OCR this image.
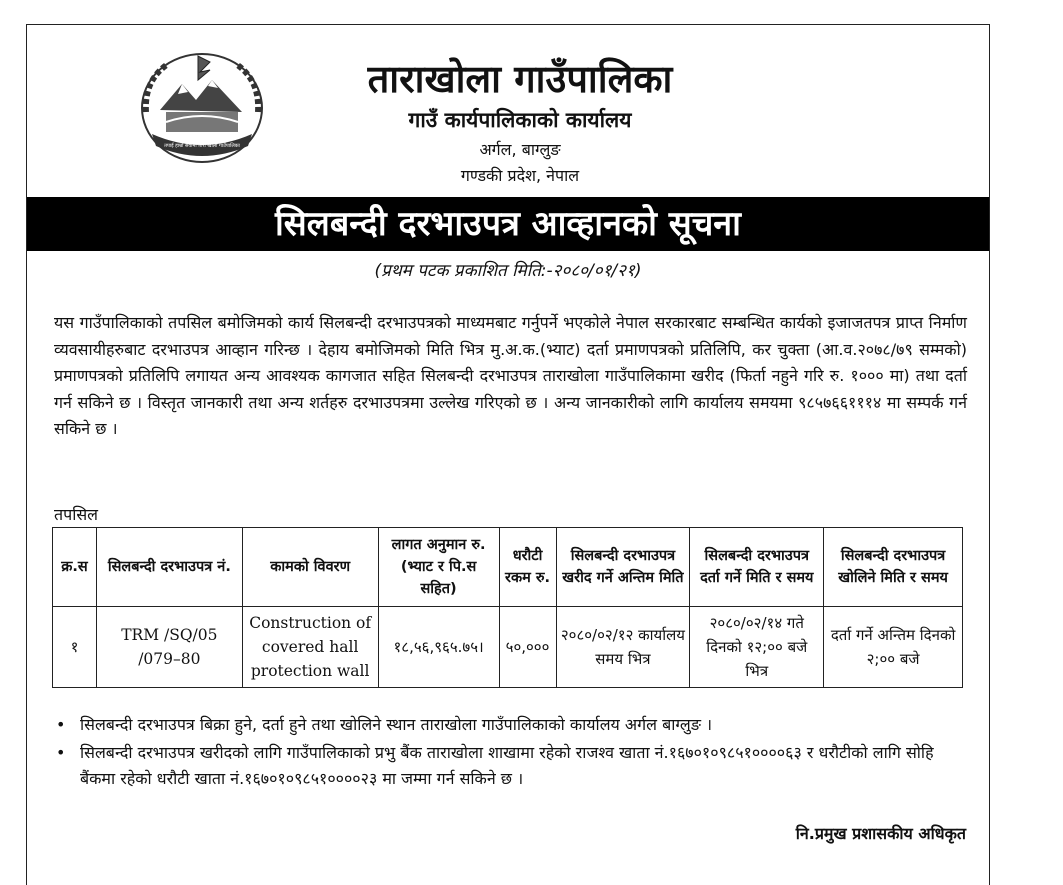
तपाईं हाम्रो सेवामा तारा खोला गाउँपालिका
ताराखोला गाउँपालिका
गाउँ कार्यपालिकाको कार्यालय
अर्गल, बाग्लुङ
गण्डकी प्रदेश, नेपाल
सिलबन्दी दरभाउपत्र आव्हानको सूचना
(प्रथम पटक प्रकाशित मिति:-२०८०/०१/२१)
यस गाउँपालिकाको तपसिल बमोजिमको कार्य सिलबन्दी दरभाउपत्रको माध्यमबाट गर्नुपर्ने भएकोले नेपाल सरकारबाट सम्बन्धित कार्यको इजाजतपत्र प्राप्त निर्माण व्यवसायीहरुबाट दरभाउपत्र आव्हान गरिन्छ । देहाय बमोजिमको मिति भित्र मु.अ.क.(भ्याट) दर्ता प्रमाणपत्रको प्रतिलिपि, कर चुक्ता (आ.व.२०७८/७९ सम्मको) प्रमाणपत्रको प्रतिलिपि लगायत अन्य आवश्यक कागजात सहित सिलबन्दी दरभाउपत्र ताराखोला गाउँपालिकामा खरीद (फिर्ता नहुने गरि रु. १००० मा) तथा दर्ता गर्न सकिने छ । विस्तृत जानकारी तथा अन्य शर्तहरु दरभाउपत्रमा उल्लेख गरिएको छ । अन्य जानकारीको लागि कार्यालय समयमा ९८५७६६१११४ मा सम्पर्क गर्न सकिने छ ।
तपसिल
क्र.स	सिलबन्दी दरभाउपत्र नं.	कामको विवरण	लागत अनुमान रु. (भ्याट र पि.स सहित)	धरौटी रकम रु.	सिलबन्दी दरभाउपत्र खरीद गर्ने अन्तिम मिति	सिलबन्दी दरभाउपत्र दर्ता गर्ने मिति र समय	सिलबन्दी दरभाउपत्र खोलिने मिति र समय
१	TRM /SQ/05 /079–80	Construction of covered hall protection wall	१८,५६,९६५.७५।	५०,०००	२०८०/०२/१२ कार्यालय समय भित्र	२०८०/०२/१४ गते दिनको १२;०० बजे भित्र	दर्ता गर्ने अन्तिम दिनको २;०० बजे
• सिलबन्दी दरभाउपत्र बिक्रा हुने, दर्ता हुने तथा खोलिने स्थान ताराखोला गाउँपालिकाको कार्यालय अर्गल बाग्लुङ ।
• सिलबन्दी दरभाउपत्र खरीदको लागि गाउँपालिकाको प्रभु बैंक ताराखोला शाखामा रहेको राजश्व खाता नं.१६७०१०९८५१००००६३ र धरौटीको लागि सोहि बैंकमा रहेको धरौटी खाता नं.१६७०१०९८५१००००२३ मा जम्मा गर्न सकिने छ ।
नि.प्रमुख प्रशासकीय अधिकृत
